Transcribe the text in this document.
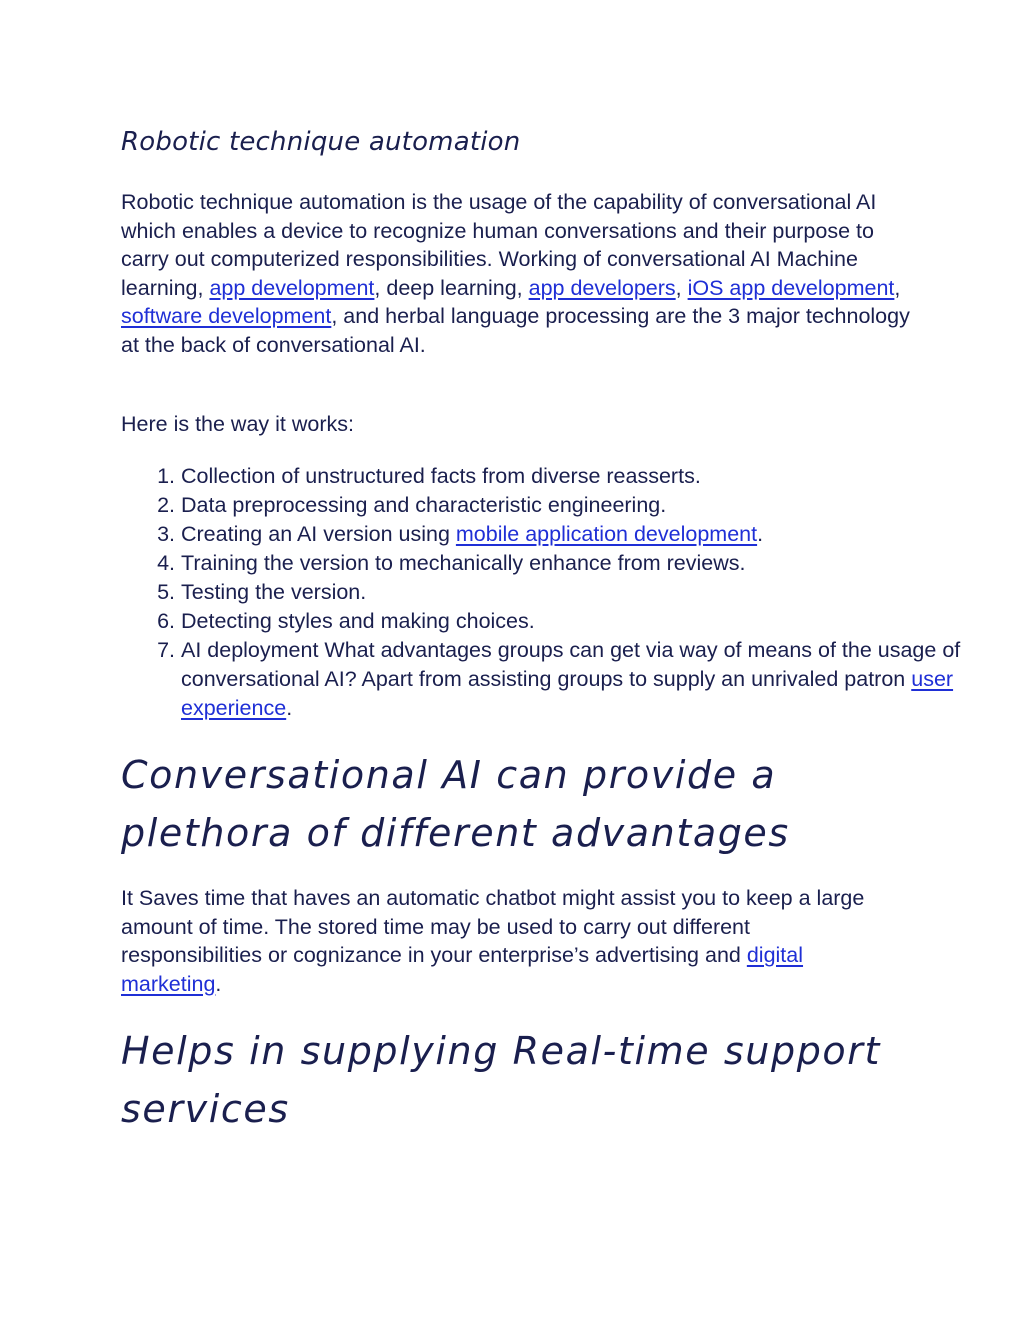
Robotic technique automation

Robotic technique automation is the usage of the capability of conversational AI which enables a device to recognize human conversations and their purpose to carry out computerized responsibilities. Working of conversational AI Machine learning, app development, deep learning, app developers, iOS app development, software development, and herbal language processing are the 3 major technology at the back of conversational AI.

Here is the way it works:

1. Collection of unstructured facts from diverse reasserts.
2. Data preprocessing and characteristic engineering.
3. Creating an AI version using mobile application development.
4. Training the version to mechanically enhance from reviews.
5. Testing the version.
6. Detecting styles and making choices.
7. AI deployment What advantages groups can get via way of means of the usage of conversational AI? Apart from assisting groups to supply an unrivaled patron user experience.
Conversational AI can provide a plethora of different advantages

It Saves time that haves an automatic chatbot might assist you to keep a large amount of time. The stored time may be used to carry out different responsibilities or cognizance in your enterprise’s advertising and digital marketing.

Helps in supplying Real-time support services
